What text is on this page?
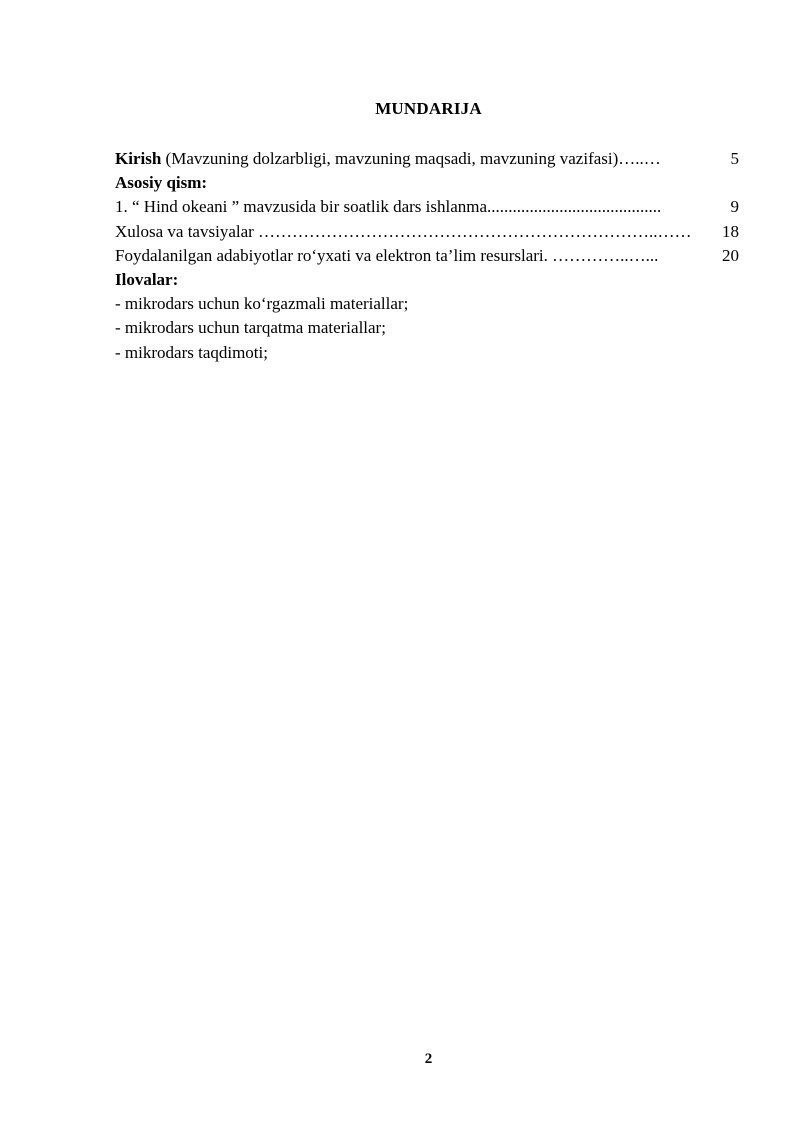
MUNDARIJA
Kirish (Mavzuning dolzarbligi, mavzuning maqsadi, mavzuning vazifasi)…..…	5
Asosiy qism:
1. “ Hind okeani ” mavzusida bir soatlik dars ishlanma.........................................	9
Xulosa va tavsiyalar ……………………………………………………………..……	18
Foydalanilgan adabiyotlar ro‘yxati va elektron ta’lim resurslari. …………..…...	20
Ilovalar:
- mikrodars uchun ko‘rgazmali materiallar;
- mikrodars uchun tarqatma materiallar;
- mikrodars taqdimoti;
2
